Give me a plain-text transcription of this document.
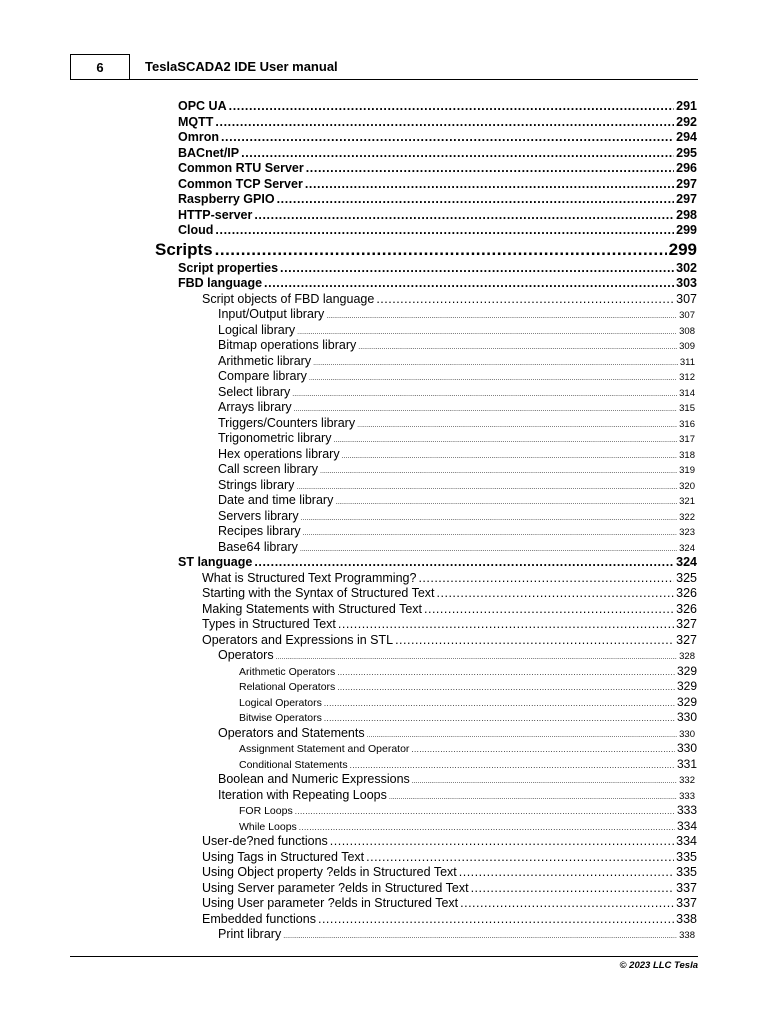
6	TeslaSCADA2 IDE User manual
OPC UA .....	291
MQTT .....	292
Omron .....	294
BACnet/IP .....	295
Common RTU Server .....	296
Common TCP Server .....	297
Raspberry GPIO .....	297
HTTP-server .....	298
Cloud .....	299
Scripts .....	299
Script properties .....	302
FBD language .....	303
Script objects of FBD language .....	307
Input/Output library .....	307
Logical library .....	308
Bitmap operations library .....	309
Arithmetic library .....	311
Compare library .....	312
Select library .....	314
Arrays library .....	315
Triggers/Counters library .....	316
Trigonometric library .....	317
Hex operations library .....	318
Call screen library .....	319
Strings library .....	320
Date and time library .....	321
Servers library .....	322
Recipes library .....	323
Base64 library .....	324
ST language .....	324
What is Structured Text Programming? .....	325
Starting with the Syntax of Structured Text .....	326
Making Statements with Structured Text .....	326
Types in Structured Text .....	327
Operators and Expressions in STL .....	327
Operators .....	328
Arithmetic Operators .....	329
Relational Operators .....	329
Logical Operators .....	329
Bitwise Operators .....	330
Operators and Statements .....	330
Assignment Statement and Operator .....	330
Conditional Statements .....	331
Boolean and Numeric Expressions .....	332
Iteration with Repeating Loops .....	333
FOR Loops .....	333
While Loops .....	334
User-de?ned functions .....	334
Using Tags in Structured Text .....	335
Using Object property ?elds in Structured Text .....	335
Using Server parameter ?elds in Structured Text .....	337
Using User parameter ?elds in Structured Text .....	337
Embedded functions .....	338
Print library .....	338
© 2023 LLC Tesla
